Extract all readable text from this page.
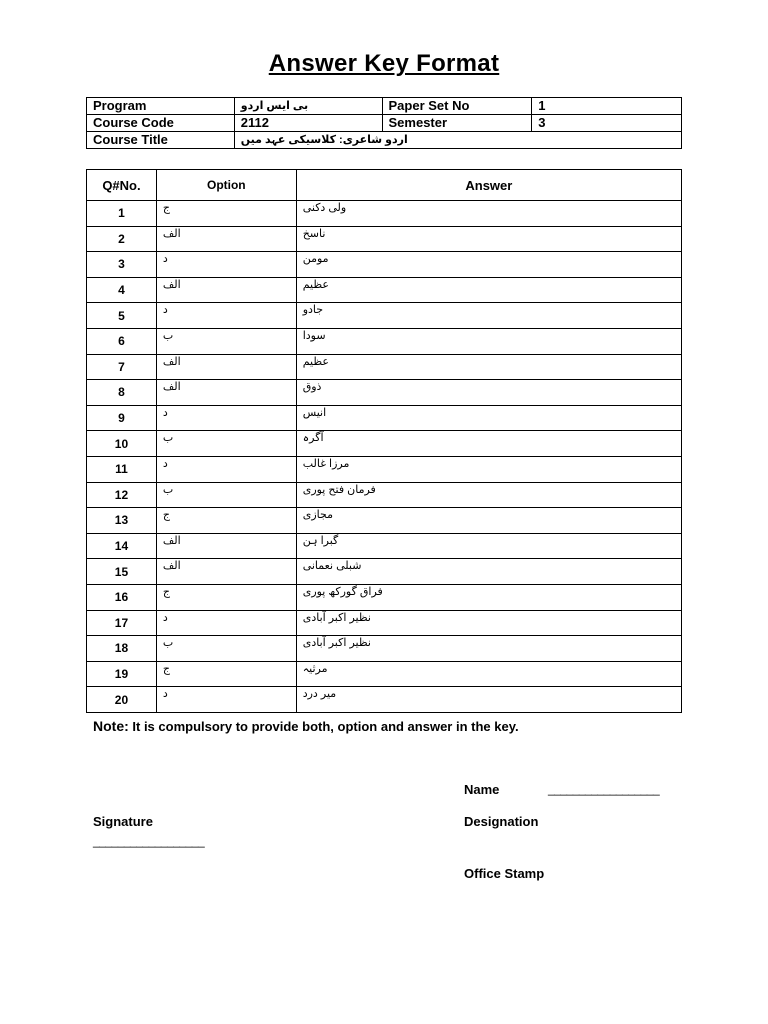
Answer Key Format
Program	بی ایس اردو	Paper Set No	1
Course Code	2112	Semester	3
Course Title	اردو شاعری: کلاسیکی عہد میں		
Q#No.	Option	Answer
1	ج	ولی دکنی
2	الف	ناسخ
3	د	مومن
4	الف	عظیم
5	د	جادو
6	ب	سودا
7	الف	عظیم
8	الف	ذوق
9	د	انیس
10	ب	آگرہ
11	د	مرزا غالب
12	ب	فرمان فتح پوری
13	ج	مجازی
14	الف	گبرا ہن
15	الف	شبلی نعمانی
16	ج	فراق گورکھ پوری
17	د	نظیر اکبر آبادی
18	ب	نظیر اکبر آبادی
19	ج	مرثیہ
20	د	میر درد
Note: It is compulsory to provide both, option and answer in the key.
Name	__________________
Signature	Designation
__________________
Office Stamp
